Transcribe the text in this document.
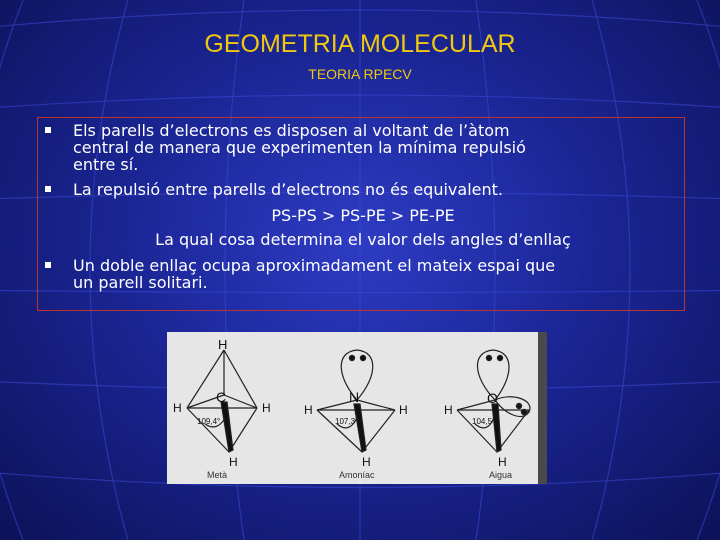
GEOMETRIA MOLECULAR
TEORIA RPECV
Els parells d’electrons es disposen al voltant de l’àtom
central de manera que experimenten la mínima repulsió
entre sí.
La repulsió entre parells d’electrons no és equivalent.
PS-PS > PS-PE > PE-PE
La qual cosa determina el valor dels angles d’enllaç
Un doble enllaç ocupa aproximadament el mateix espai que
un parell solitari.
H
H	H
H
C
109,4°
Metà
H	H
H
N
107,3°
Amoníac
H
H
O
104,5°
Aigua
